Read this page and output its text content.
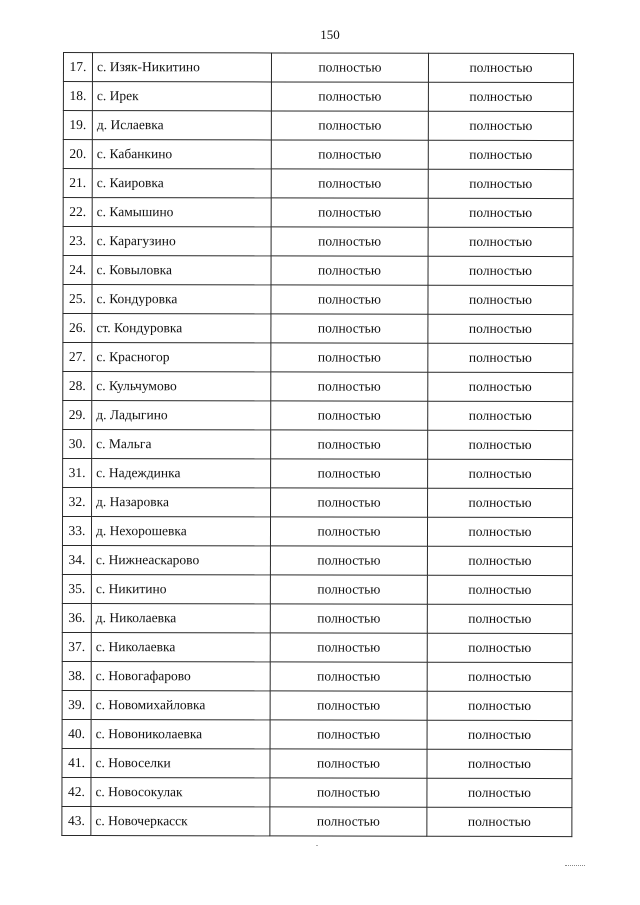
150
17.	с. Изяк-Никитино	полностью	полностью
18.	с. Ирек	полностью	полностью
19.	д. Ислаевка	полностью	полностью
20.	с. Кабанкино	полностью	полностью
21.	с. Каировка	полностью	полностью
22.	с. Камышино	полностью	полностью
23.	с. Карагузино	полностью	полностью
24.	с. Ковыловка	полностью	полностью
25.	с. Кондуровка	полностью	полностью
26.	ст. Кондуровка	полностью	полностью
27.	с. Красногор	полностью	полностью
28.	с. Кульчумово	полностью	полностью
29.	д. Ладыгино	полностью	полностью
30.	с. Мальга	полностью	полностью
31.	с. Надеждинка	полностью	полностью
32.	д. Назаровка	полностью	полностью
33.	д. Нехорошевка	полностью	полностью
34.	с. Нижнеаскарово	полностью	полностью
35.	с. Никитино	полностью	полностью
36.	д. Николаевка	полностью	полностью
37.	с. Николаевка	полностью	полностью
38.	с. Новогафарово	полностью	полностью
39.	с. Новомихайловка	полностью	полностью
40.	с. Новониколаевка	полностью	полностью
41.	с. Новоселки	полностью	полностью
42.	с. Новосокулак	полностью	полностью
43.	с. Новочеркасск	полностью	полностью
